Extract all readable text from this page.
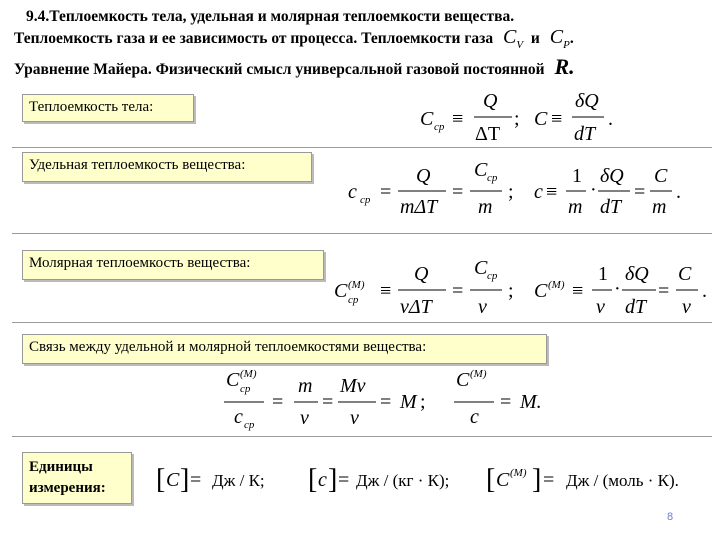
9.4.Теплоемкость тела, удельная и молярная теплоемкости вещества.
Теплоемкость газа и ее зависимость от процесса. Теплоемкости газа $C_V$ и $C_P$.
Уравнение Майера. Физический смысл универсальной газовой постоянной R.
Теплоемкость тела:
Удельная теплоемкость вещества:
Молярная теплоемкость вещества:
Связь между удельной и молярной теплоемкостями вещества:
Единицы
измерения:
C ср ≡
Q
ΔT
; C ≡
δQ
dT
.
c ср =
Q
mΔT
=
C ср
m
; c ≡
1
m
·
δQ
dT
=
C
m
.
C (M)
ср ≡
Q
νΔT
=
C ср
ν
; C (M) ≡
1
ν
·
δQ
dT
=
C
ν
.
C (M)
ср
c ср
=
m
ν
=
Mν
ν
= M ;
C (M)
c
= M.
[ C ] = Дж / К; [ c ] = Дж / (кг · К); [ C (M) ] = Дж / (моль · К).
8
